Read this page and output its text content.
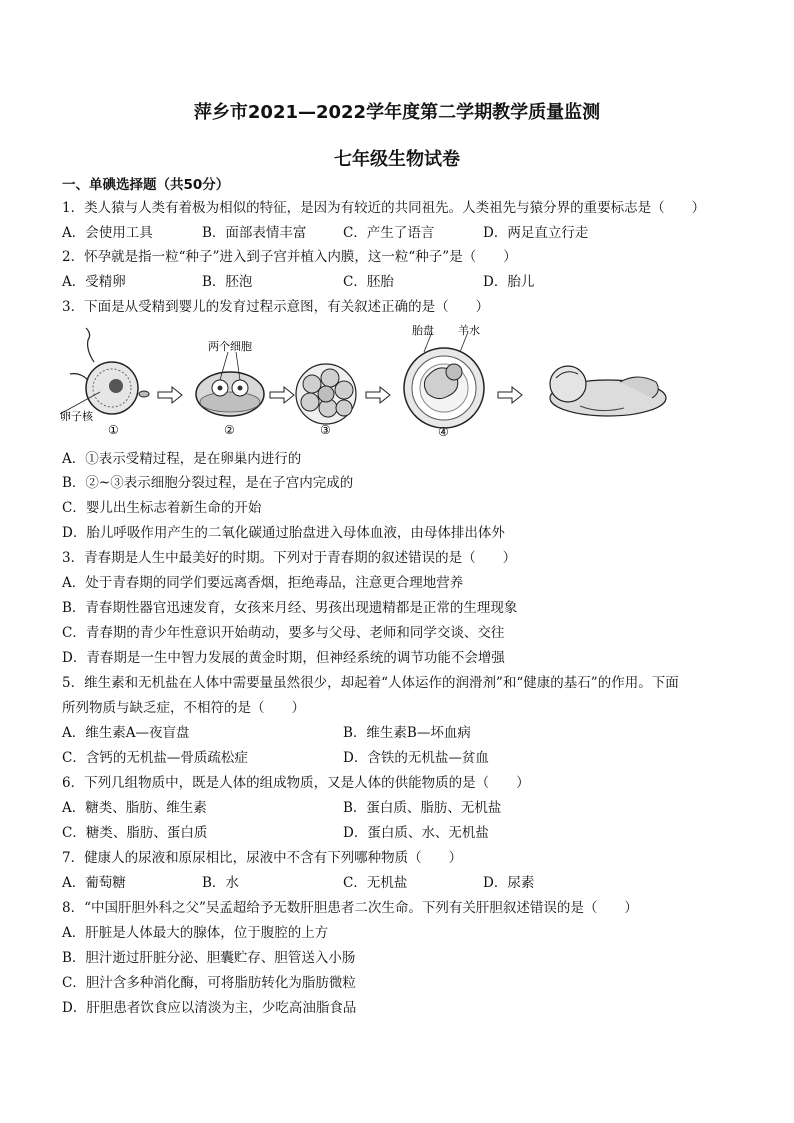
萍乡市2021—2022学年度第二学期教学质量监测
七年级生物试卷
一、单碘选择题（共50分）
1．类人猿与人类有着极为相似的特征，是因为有较近的共同祖先。人类祖先与猿分界的重要标志是（　　）
A．会使用工具	B．面部表情丰富	C．产生了语言	D．两足直立行走
2．怀孕就是指一粒“种子”进入到子宫并植入内膜，这一粒“种子”是（　　）
A．受精卵	B．胚泡	C．胚胎	D．胎儿
3．下面是从受精到婴儿的发育过程示意图，有关叙述正确的是（　　）
卵子核
①
两个细胞
②	③
胎盘 羊水
④
A．①表示受精过程，是在卵巢内进行的
B．②~③表示细胞分裂过程，是在子宫内完成的
C．婴儿出生标志着新生命的开始
D．胎儿呼吸作用产生的二氧化碳通过胎盘进入母体血液，由母体排出体外
3．青春期是人生中最美好的时期。下列对于青春期的叙述错误的是（　　）
A．处于青春期的同学们要远离香烟，拒绝毒品，注意更合理地营养
B．青春期性器官迅速发育，女孩来月经、男孩出现遗精都是正常的生理现象
C．青春期的青少年性意识开始萌动，要多与父母、老师和同学交谈、交往
D．青春期是一生中智力发展的黄金时期，但神经系统的调节功能不会增强
5．维生素和无机盐在人体中需要量虽然很少，却起着“人体运作的润滑剂”和“健康的基石”的作用。下面
所列物质与缺乏症，不相符的是（　　）
A．维生素A—夜盲盘	B．维生素B—坏血病
C．含钙的无机盐—骨质疏松症	D．含铁的无机盐—贫血
6．下列几组物质中，既是人体的组成物质，又是人体的供能物质的是（　　）
A．糖类、脂肪、维生素	B．蛋白质、脂肪、无机盐
C．糖类、脂肪、蛋白质	D．蛋白质、水、无机盐
7．健康人的尿液和原尿相比，尿液中不含有下列哪种物质（　　）
A．葡萄糖	B．水	C．无机盐	D．尿素
8．“中国肝胆外科之父”吴孟超给予无数肝胆患者二次生命。下列有关肝胆叙述错误的是（　　）
A．肝脏是人体最大的腺体，位于腹腔的上方
B．胆汁逝过肝脏分泌、胆囊贮存、胆管送入小肠
C．胆汁含多种消化酶，可将脂肪转化为脂肪微粒
D．肝胆患者饮食应以清淡为主，少吃高油脂食品
